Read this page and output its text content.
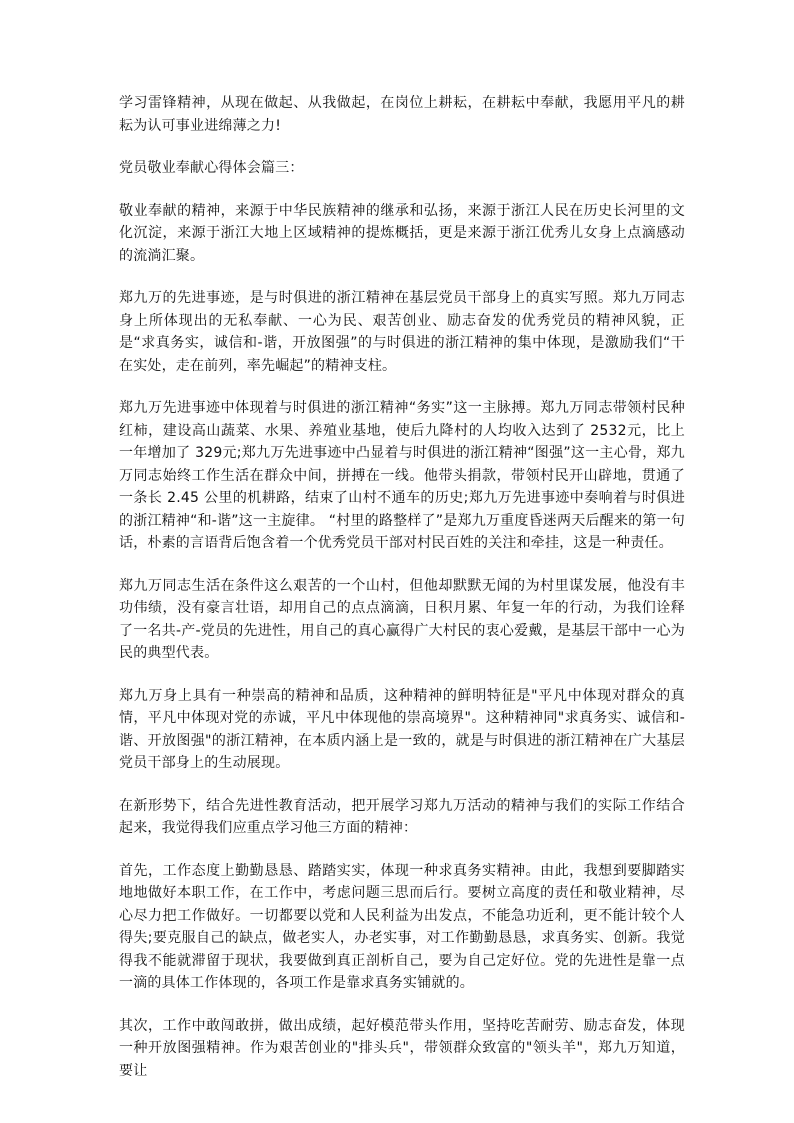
学习雷锋精神，从现在做起、从我做起，在岗位上耕耘，在耕耘中奉献，我愿用平凡的耕耘为认可事业进绵薄之力!

党员敬业奉献心得体会篇三：

敬业奉献的精神，来源于中华民族精神的继承和弘扬，来源于浙江人民在历史长河里的文化沉淀，来源于浙江大地上区域精神的提炼概括，更是来源于浙江优秀儿女身上点滴感动的流淌汇聚。

郑九万的先进事迹，是与时俱进的浙江精神在基层党员干部身上的真实写照。郑九万同志身上所体现出的无私奉献、一心为民、艰苦创业、励志奋发的优秀党员的精神风貌，正是“求真务实，诚信和-谐，开放图强”的与时俱进的浙江精神的集中体现，是激励我们“干在实处，走在前列，率先崛起”的精神支柱。

郑九万先进事迹中体现着与时俱进的浙江精神“务实”这一主脉搏。郑九万同志带领村民种红柿，建设高山蔬菜、水果、养殖业基地，使后九降村的人均收入达到了 2532元，比上一年增加了 329元;郑九万先进事迹中凸显着与时俱进的浙江精神“图强”这一主心骨，郑九万同志始终工作生活在群众中间，拼搏在一线。他带头捐款，带领村民开山辟地，贯通了一条长 2.45 公里的机耕路，结束了山村不通车的历史;郑九万先进事迹中奏响着与时俱进的浙江精神“和-谐”这一主旋律。 “村里的路整样了”是郑九万重度昏迷两天后醒来的第一句话，朴素的言语背后饱含着一个优秀党员干部对村民百姓的关注和牵挂，这是一种责任。

郑九万同志生活在条件这么艰苦的一个山村，但他却默默无闻的为村里谋发展，他没有丰功伟绩，没有豪言壮语，却用自己的点点滴滴，日积月累、年复一年的行动，为我们诠释了一名共-产-党员的先进性，用自己的真心赢得广大村民的衷心爱戴，是基层干部中一心为民的典型代表。

郑九万身上具有一种崇高的精神和品质，这种精神的鲜明特征是"平凡中体现对群众的真情，平凡中体现对党的赤诚，平凡中体现他的崇高境界"。这种精神同"求真务实、诚信和-谐、开放图强"的浙江精神，在本质内涵上是一致的，就是与时俱进的浙江精神在广大基层党员干部身上的生动展现。

在新形势下，结合先进性教育活动，把开展学习郑九万活动的精神与我们的实际工作结合起来，我觉得我们应重点学习他三方面的精神：

首先，工作态度上勤勤恳恳、踏踏实实，体现一种求真务实精神。由此，我想到要脚踏实地地做好本职工作，在工作中，考虑问题三思而后行。要树立高度的责任和敬业精神，尽心尽力把工作做好。一切都要以党和人民利益为出发点，不能急功近利，更不能计较个人得失;要克服自己的缺点，做老实人，办老实事，对工作勤勤恳恳，求真务实、创新。我觉得我不能就滞留于现状，我要做到真正剖析自己，要为自己定好位。党的先进性是靠一点一滴的具体工作体现的，各项工作是靠求真务实铺就的。

其次，工作中敢闯敢拼，做出成绩，起好模范带头作用，坚持吃苦耐劳、励志奋发，体现一种开放图强精神。作为艰苦创业的"排头兵"，带领群众致富的"领头羊"，郑九万知道，要让
